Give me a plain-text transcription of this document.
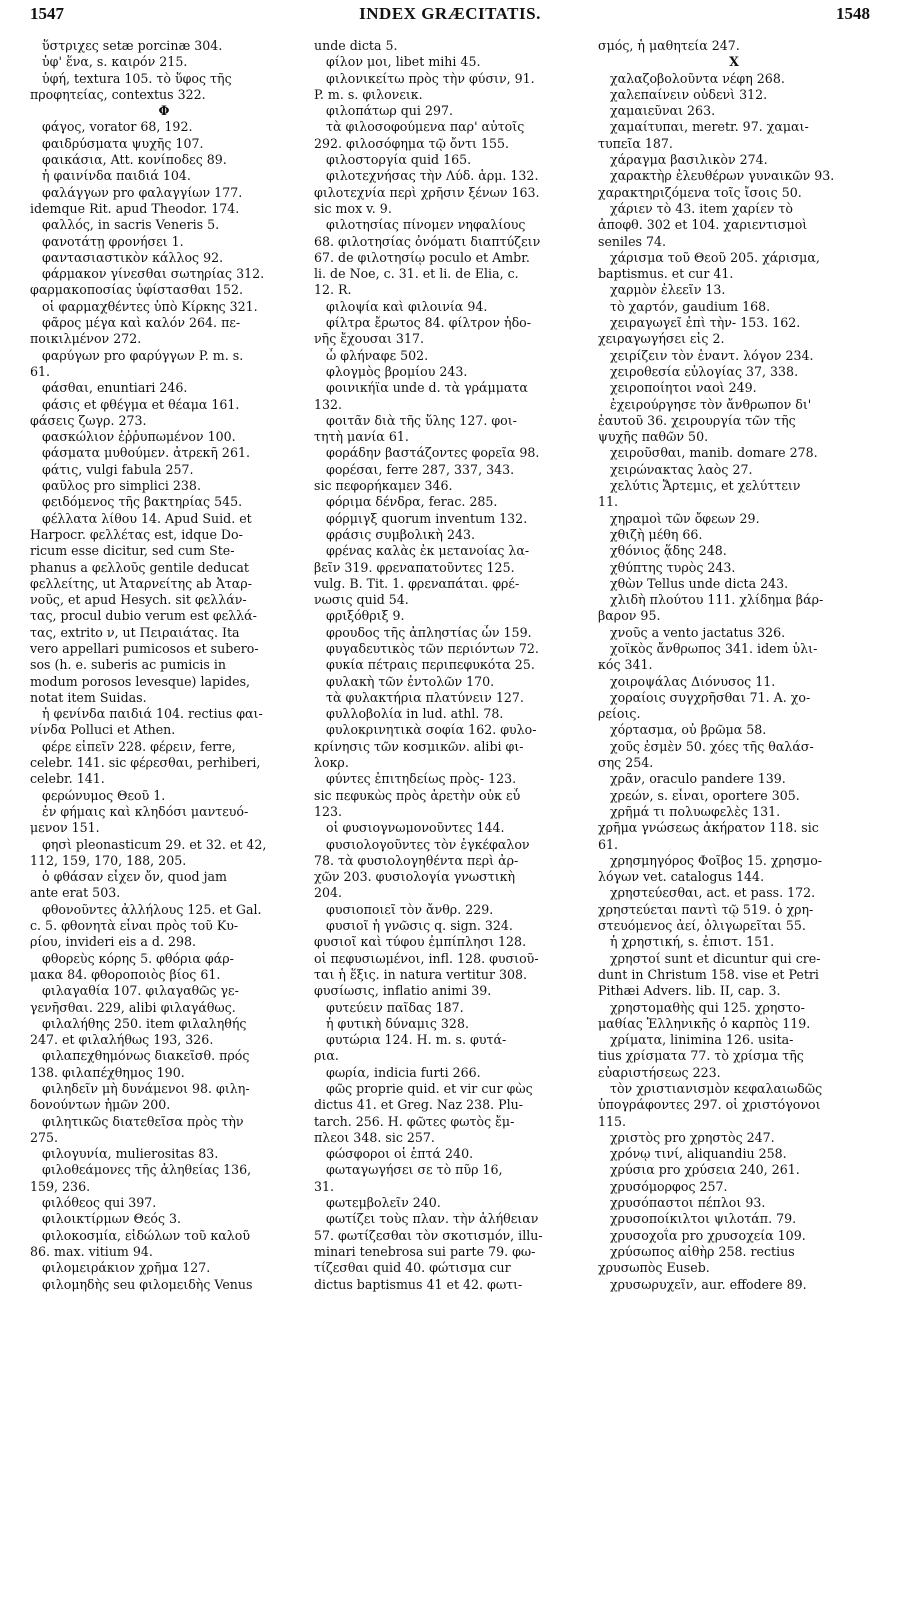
1547	INDEX GRÆCITATIS.	1548
ὕστριχες setæ porcinæ 304.
ὑφ' ἕνα, s. καιρόν 215.
ὑφή, textura 105. τὸ ὕφος τῆς
προφητείας, contextus 322.
Φ
φάγος, vorator 68, 192.
φαιδρύσματα ψυχῆς 107.
φαικάσια, Att. κονίποδες 89.
ἡ φαινίνδα παιδιά 104.
φαλάγγων pro φαλαγγίων 177.
idemque Rit. apud Theodor. 174.
φαλλός, in sacris Veneris 5.
φανοτάτῃ φρονήσει 1.
φαντασιαστικὸν κάλλος 92.
φάρμακον γίνεσθαι σωτηρίας 312.
φαρμακοποσίας ὑφίστασθαι 152.
οἱ φαρμαχθέντες ὑπὸ Κίρκης 321.
φᾶρος μέγα καὶ καλόν 264. πε-
ποικιλμένον 272.
φαρύγων pro φαρύγγων P. m. s.
61.
φάσθαι, enuntiari 246.
φάσις et φθέγμα et θέαμα 161.
φάσεις ζωγρ. 273.
φασκώλιον ἐῤῥυπωμένον 100.
φάσματα μυθούμεν. ἀτρεκῆ 261.
φάτις, vulgi fabula 257.
φαῦλος pro simplici 238.
φειδόμενος τῆς βακτηρίας 545.
φέλλατα λίθου 14. Apud Suid. et
Harpocr. φελλέτας est, idque Do-
ricum esse dicitur, sed cum Ste-
phanus a φελλοῦς gentile deducat
φελλείτης, ut Ἀταρνείτης ab Ἀταρ-
νοῦς, et apud Hesych. sit φελλάν-
τας, procul dubio verum est φελλά-
τας, extrito ν, ut Πειραιάτας. Ita
vero appellari pumicosos et subero-
sos (h. e. suberis ac pumicis in
modum porosos levesque) lapides,
notat item Suidas.
ἡ φενίνδα παιδιά 104. rectius φαι-
νίνδα Polluci et Athen.
φέρε εἰπεῖν 228. φέρειν, ferre,
celebr. 141. sic φέρεσθαι, perhiberi,
celebr. 141.
φερώνυμος Θεοῦ 1.
ἐν φήμαις καὶ κληδόσι μαντευό-
μενον 151.
φησὶ pleonasticum 29. et 32. et 42,
112, 159, 170, 188, 205.
ὁ φθάσαν εἶχεν ὄν, quod jam
ante erat 503.
φθονοῦντες ἀλλήλους 125. et Gal.
c. 5. φθονητὰ εἶναι πρὸς τοῦ Κυ-
ρίου, invideri eis a d. 298.
φθορεὺς κόρης 5. φθόρια φάρ-
μακα 84. φθοροποιὸς βίος 61.
φιλαγαθία 107. φιλαγαθῶς γε-
γενῆσθαι. 229, alibi φιλαγάθως.
φιλαλήθης 250. item φιλαληθής
247. et φιλαλήθως 193, 326.
φιλαπεχθημόνως διακεῖσθ. πρός
138. φιλαπέχθημος 190.
φιληδεῖν μὴ δυνάμενοι 98. φιλη-
δονούντων ἡμῶν 200.
φιλητικῶς διατεθεῖσα πρὸς τὴν
275.
φιλογυνία, mulierositas 83.
φιλοθεάμονες τῆς ἀληθείας 136,
159, 236.
φιλόθεος qui 397.
φιλοικτίρμων Θεός 3.
φιλοκοσμία, εἰδώλων τοῦ καλοῦ
86. max. vitium 94.
φιλομειράκιον χρῆμα 127.
φιλομηδὴς seu φιλομειδὴς Venus
unde dicta 5.
φίλον μοι, libet mihi 45.
φιλονικείτω πρὸς τὴν φύσιν, 91.
P. m. s. φιλονεικ.
φιλοπάτωρ qui 297.
τὰ φιλοσοφούμενα παρ' αὐτοῖς
292. φιλοσόφημα τῷ ὄντι 155.
φιλοστοργία quid 165.
φιλοτεχνήσας τὴν Λύδ. ἁρμ. 132.
φιλοτεχνία περὶ χρῆσιν ξένων 163.
sic mox v. 9.
φιλοτησίας πίνομεν νηφαλίους
68. φιλοτησίας ὀνόματι διαπτύζειν
67. de φιλοτησίῳ poculo et Ambr.
li. de Noe, c. 31. et li. de Elia, c.
12. R.
φιλοψία καὶ φιλοινία 94.
φίλτρα ἔρωτος 84. φίλτρον ἡδο-
νῆς ἔχουσαι 317.
ὦ φλήναφε 502.
φλογμὸς βρομίου 243.
φοινικήϊα unde d. τὰ γράμματα
132.
φοιτᾶν διὰ τῆς ὕλης 127. φοι-
τητὴ μανία 61.
φοράδην βαστάζοντες φορεῖα 98.
φορέσαι, ferre 287, 337, 343.
sic πεφορήκαμεν 346.
φόριμα δένδρα, ferac. 285.
φόρμιγξ quorum inventum 132.
φράσις συμβολικὴ 243.
φρένας καλὰς ἐκ μετανοίας λα-
βεῖν 319. φρεναπατοῦντες 125.
vulg. B. Tit. 1. φρεναπάται. φρέ-
νωσις quid 54.
φριξόθριξ 9.
φρουδος τῆς ἀπληστίας ὧν 159.
φυγαδευτικὸς τῶν περιόντων 72.
φυκία πέτραις περιπεφυκότα 25.
φυλακὴ τῶν ἐντολῶν 170.
τὰ φυλακτήρια πλατύνειν 127.
φυλλοβολία in lud. athl. 78.
φυλοκρινητικὰ σοφία 162. φυλο-
κρίνησις τῶν κοσμικῶν. alibi φι-
λοκρ.
φύντες ἐπιτηδείως πρὸς- 123.
sic πεφυκὼς πρὸς ἀρετὴν οὐκ εὖ
123.
οἱ φυσιογνωμονοῦντες 144.
φυσιολογοῦντες τὸν ἐγκέφαλον
78. τὰ φυσιολογηθέντα περὶ ἀρ-
χῶν 203. φυσιολογία γνωστικὴ
204.
φυσιοποιεῖ τὸν ἄνθρ. 229.
φυσιοῖ ἡ γνῶσις q. sign. 324.
φυσιοῖ καὶ τύφου ἐμπίπλησι 128.
οἱ πεφυσιωμένοι, infl. 128. φυσιοῦ-
ται ἡ ἕξις. in natura vertitur 308.
φυσίωσις, inflatio animi 39.
φυτεύειν παῖδας 187.
ἡ φυτικὴ δύναμις 328.
φυτώρια 124. H. m. s. φυτά-
ρια.
φωρία, indicia furti 266.
φῶς proprie quid. et vir cur φὼς
dictus 41. et Greg. Naz 238. Plu-
tarch. 256. H. φῶτες φωτὸς ἔμ-
πλεοι 348. sic 257.
φώσφοροι οἱ ἑπτά 240.
φωταγωγήσει σε τὸ πῦρ 16,
31.
φωτεμβολεῖν 240.
φωτίζει τοὺς πλαν. τὴν ἀλήθειαν
57. φωτίζεσθαι τὸν σκοτισμόν, illu-
minari tenebrosa sui parte 79. φω-
τίζεσθαι quid 40. φώτισμα cur
dictus baptismus 41 et 42. φωτι-
σμός, ἡ μαθητεία 247.
X
χαλαζοβολοῦντα νέφη 268.
χαλεπαίνειν οὐδενὶ 312.
χαμαιεῦναι 263.
χαμαίτυπαι, meretr. 97. χαμαι-
τυπεῖα 187.
χάραγμα βασιλικὸν 274.
χαρακτὴρ ἐλευθέρων γυναικῶν 93.
χαρακτηριζόμενα τοῖς ἴσοις 50.
χάριεν τὸ 43. item χαρίεν τὸ
ἀποφθ. 302 et 104. χαριεντισμοὶ
seniles 74.
χάρισμα τοῦ Θεοῦ 205. χάρισμα,
baptismus. et cur 41.
χαρμὸν ἐλεεῖν 13.
τὸ χαρτόν, gaudium 168.
χειραγωγεῖ ἐπὶ τὴν- 153. 162.
χειραγωγήσει εἰς 2.
χειρίζειν τὸν ἐναντ. λόγον 234.
χειροθεσία εὐλογίας 37, 338.
χειροποίητοι ναοὶ 249.
ἐχειρούργησε τὸν ἄνθρωπον δι'
ἑαυτοῦ 36. χειρουργία τῶν τῆς
ψυχῆς παθῶν 50.
χειροῦσθαι, manib. domare 278.
χειρώνακτας λαὸς 27.
χελύτις Ἄρτεμις, et χελύττειν
11.
χηραμοὶ τῶν ὄφεων 29.
χθιζὴ μέθη 66.
χθόνιος ᾅδης 248.
χθύπτης τυρὸς 243.
χθὼν Tellus unde dicta 243.
χλιδὴ πλούτου 111. χλίδημα βάρ-
βαρον 95.
χνοῦς a vento jactatus 326.
χοϊκὸς ἄνθρωπος 341. idem ὑλι-
κός 341.
χοιροψάλας Διόνυσος 11.
χοραίοις συγχρῆσθαι 71. A. χο-
ρείοις.
χόρτασμα, οὐ βρῶμα 58.
χοῦς ἐσμὲν 50. χόες τῆς θαλάσ-
σης 254.
χρᾶν, oraculo pandere 139.
χρεών, s. εἶναι, oportere 305.
χρῆμά τι πολυωφελὲς 131.
χρῆμα γνώσεως ἀκήρατον 118. sic
61.
χρησμηγόρος Φοῖβος 15. χρησμο-
λόγων vet. catalogus 144.
χρηστεύεσθαι, act. et pass. 172.
χρηστεύεται παντὶ τῷ 519. ὁ χρη-
στευόμενος ἀεί, ὀλιγωρεῖται 55.
ἡ χρηστική, s. ἐπιστ. 151.
χρηστοί sunt et dicuntur qui cre-
dunt in Christum 158. vise et Petri
Pithæi Advers. lib. II, cap. 3.
χρηστομαθὴς qui 125. χρηστο-
μαθίας Ἑλληνικῆς ὁ καρπὸς 119.
χρίματα, linimina 126. usita-
tius χρίσματα 77. τὸ χρίσμα τῆς
εὐαριστήσεως 223.
τὸν χριστιανισμὸν κεφαλαιωδῶς
ὑπογράφοντες 297. οἱ χριστόγονοι
115.
χριστὸς pro χρηστὸς 247.
χρόνῳ τινί, aliquandiu 258.
χρύσια pro χρύσεια 240, 261.
χρυσόμορφος 257.
χρυσόπαστοι πέπλοι 93.
χρυσοποίκιλτοι ψιλοτάπ. 79.
χρυσοχοΐα pro χρυσοχεία 109.
χρύσωπος αἰθὴρ 258. rectius
χρυσωπὸς Euseb.
χρυσωρυχεῖν, aur. effodere 89.
